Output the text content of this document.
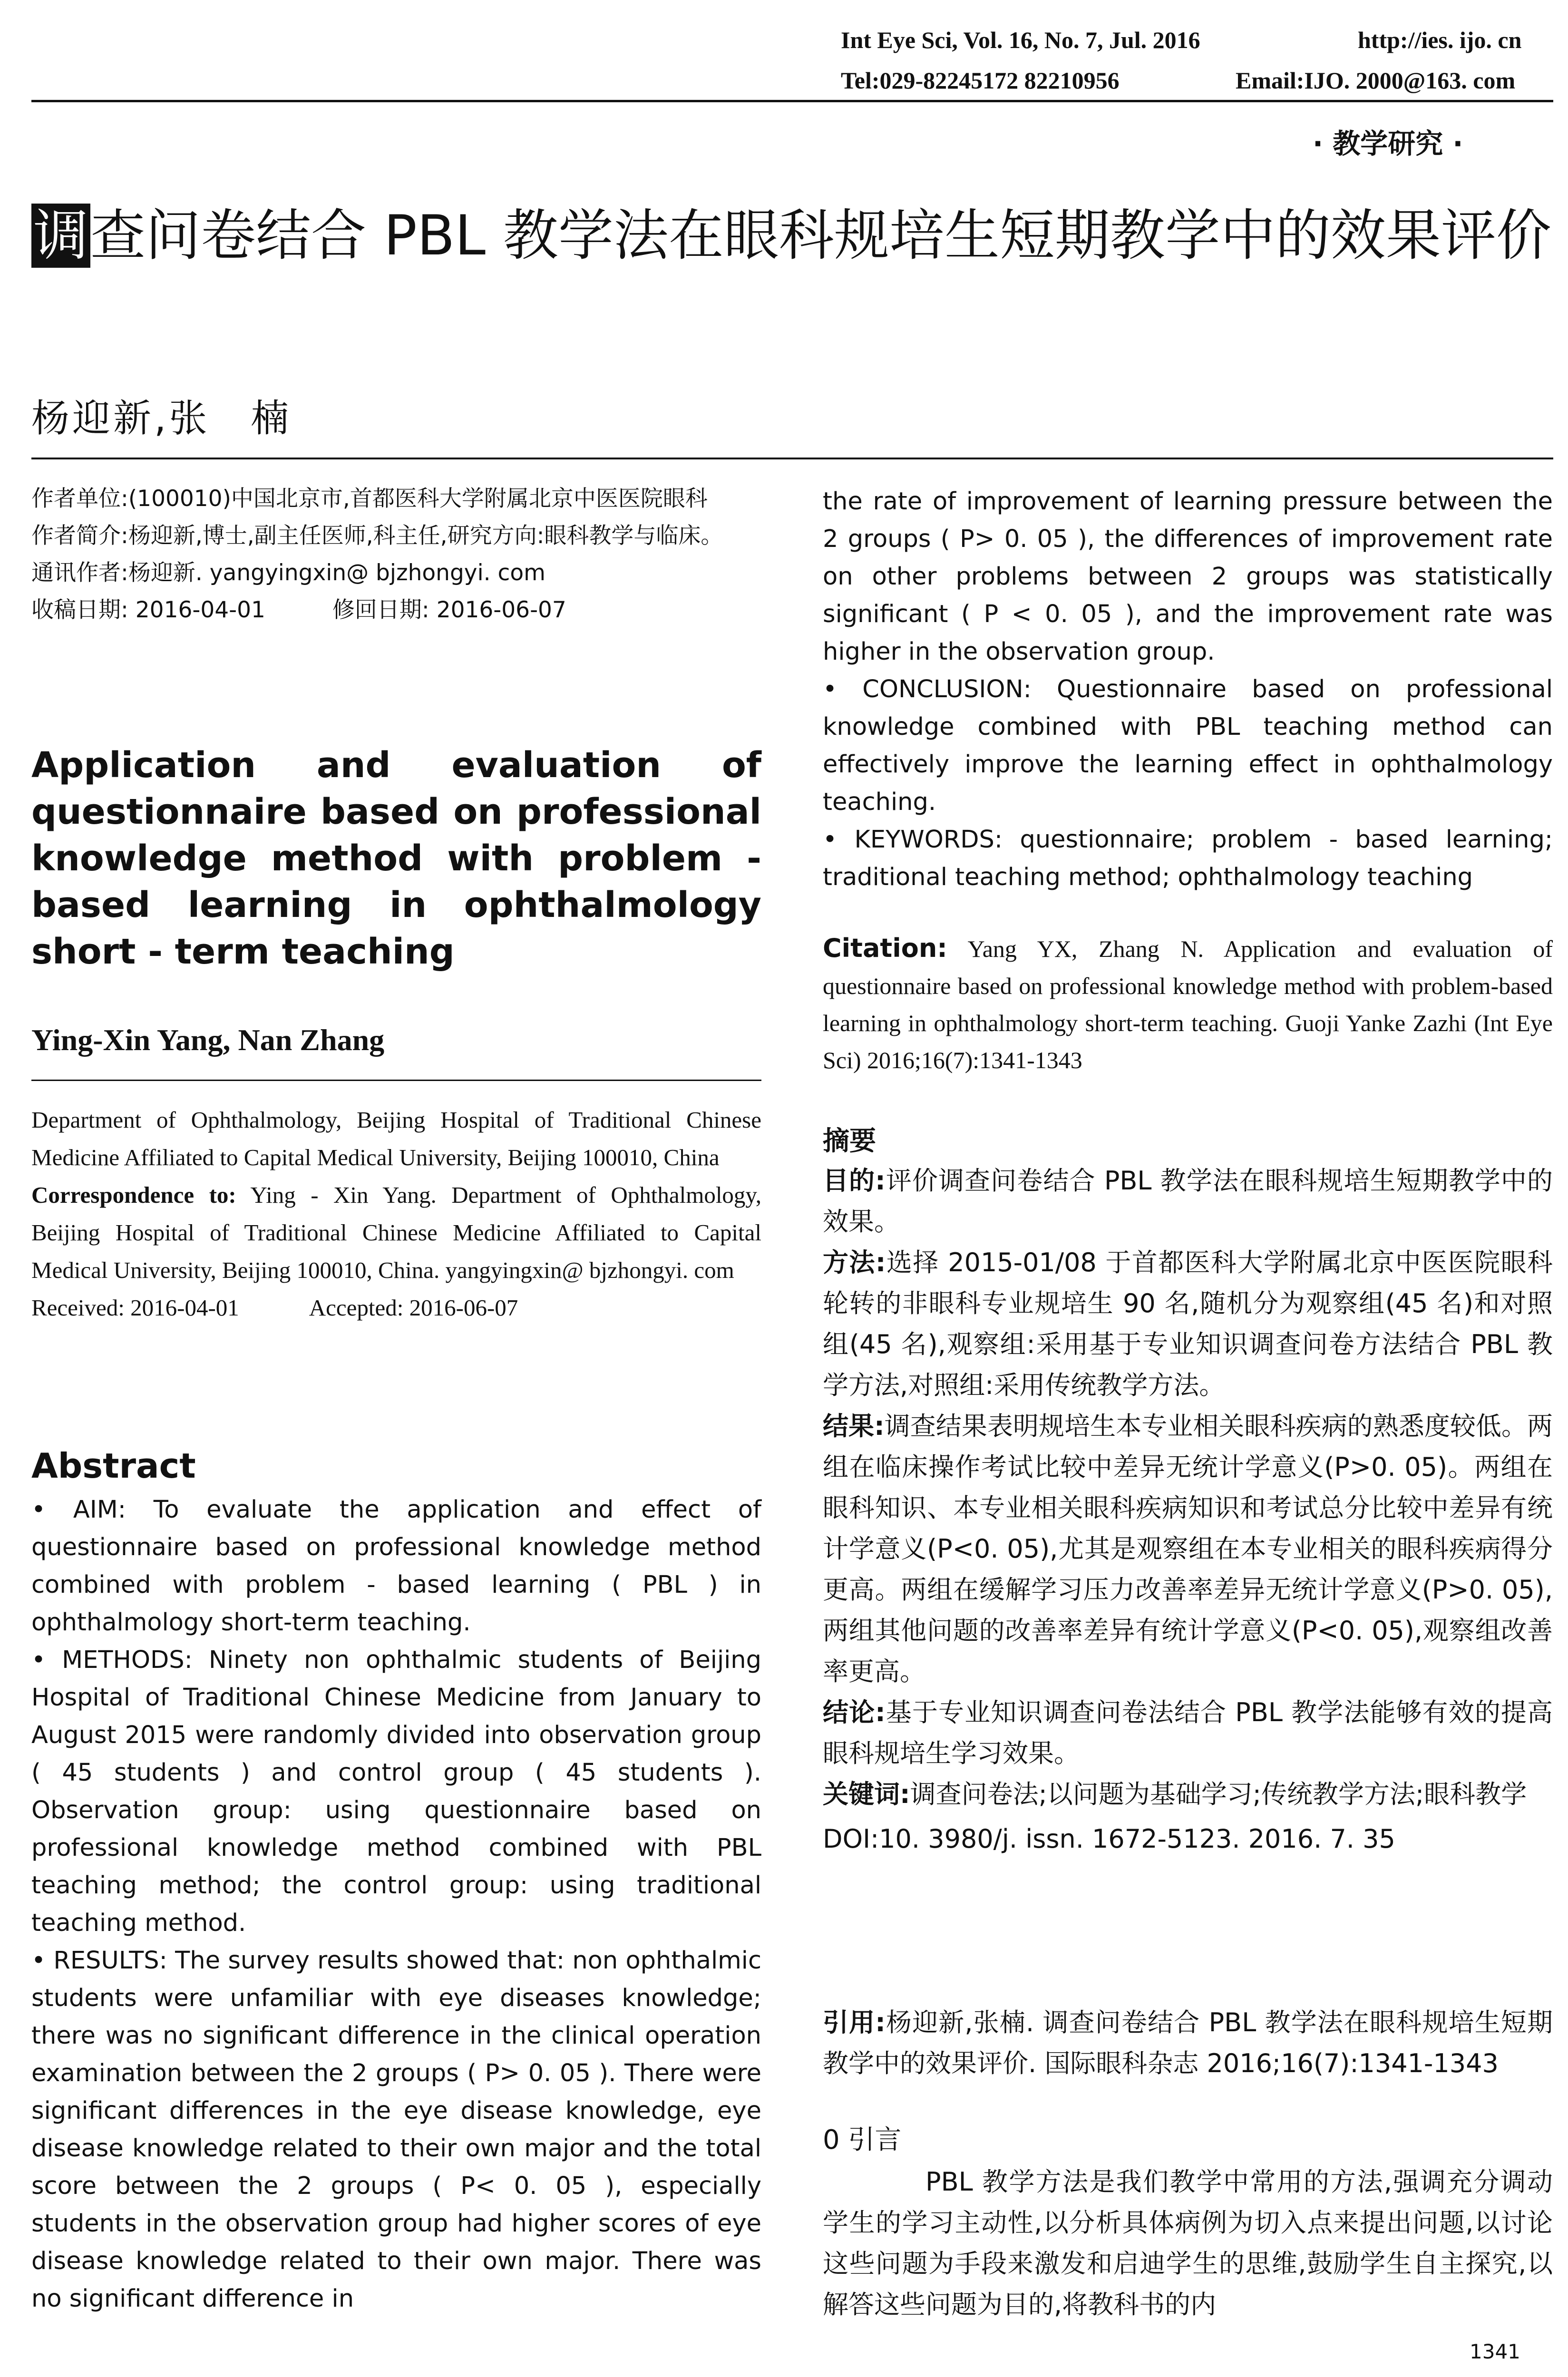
Int Eye Sci, Vol. 16, No. 7, Jul. 2016	http://ies. ijo. cn
Tel:029-82245172 82210956	Email:IJO. 2000@163. com
· 教学研究 ·
调查问卷结合 PBL 教学法在眼科规培生短期教学中的效果评价
杨迎新,张　楠
作者单位:(100010)中国北京市,首都医科大学附属北京中医医院眼科
作者简介:杨迎新,博士,副主任医师,科主任,研究方向:眼科教学与临床。
通讯作者:杨迎新. yangyingxin@ bjzhongyi. com
收稿日期: 2016-04-01　　　修回日期: 2016-06-07
Application and evaluation of questionnaire based on professional knowledge method with problem - based learning in ophthalmology short - term teaching
Ying-Xin Yang, Nan Zhang
Department of Ophthalmology, Beijing Hospital of Traditional Chinese Medicine Affiliated to Capital Medical University, Beijing 100010, China
Correspondence to: Ying - Xin Yang. Department of Ophthalmology, Beijing Hospital of Traditional Chinese Medicine Affiliated to Capital Medical University, Beijing 100010, China. yangyingxin@ bjzhongyi. com
Received: 2016-04-01　　　Accepted: 2016-06-07
Abstract

• AIM: To evaluate the application and effect of questionnaire based on professional knowledge method combined with problem - based learning ( PBL ) in ophthalmology short-term teaching.

• METHODS: Ninety non ophthalmic students of Beijing Hospital of Traditional Chinese Medicine from January to August 2015 were randomly divided into observation group ( 45 students ) and control group ( 45 students ). Observation group: using questionnaire based on professional knowledge method combined with PBL teaching method; the control group: using traditional teaching method.

• RESULTS: The survey results showed that: non ophthalmic students were unfamiliar with eye diseases knowledge; there was no significant difference in the clinical operation examination between the 2 groups ( P> 0. 05 ). There were significant differences in the eye disease knowledge, eye disease knowledge related to their own major and the total score between the 2 groups ( P< 0. 05 ), especially students in the observation group had higher scores of eye disease knowledge related to their own major. There was no significant difference in

the rate of improvement of learning pressure between the 2 groups ( P> 0. 05 ), the differences of improvement rate on other problems between 2 groups was statistically significant ( P < 0. 05 ), and the improvement rate was higher in the observation group.

• CONCLUSION: Questionnaire based on professional knowledge combined with PBL teaching method can effectively improve the learning effect in ophthalmology teaching.

• KEYWORDS: questionnaire; problem - based learning; traditional teaching method; ophthalmology teaching

Citation: Yang YX, Zhang N. Application and evaluation of questionnaire based on professional knowledge method with problem-based learning in ophthalmology short-term teaching. Guoji Yanke Zazhi (Int Eye Sci) 2016;16(7):1341-1343
摘要

目的:评价调查问卷结合 PBL 教学法在眼科规培生短期教学中的效果。

方法:选择 2015-01/08 于首都医科大学附属北京中医医院眼科轮转的非眼科专业规培生 90 名,随机分为观察组(45 名)和对照组(45 名),观察组:采用基于专业知识调查问卷方法结合 PBL 教学方法,对照组:采用传统教学方法。

结果:调查结果表明规培生本专业相关眼科疾病的熟悉度较低。两组在临床操作考试比较中差异无统计学意义(P>0. 05)。两组在眼科知识、本专业相关眼科疾病知识和考试总分比较中差异有统计学意义(P<0. 05),尤其是观察组在本专业相关的眼科疾病得分更高。两组在缓解学习压力改善率差异无统计学意义(P>0. 05),两组其他问题的改善率差异有统计学意义(P<0. 05),观察组改善率更高。

结论:基于专业知识调查问卷法结合 PBL 教学法能够有效的提高眼科规培生学习效果。

关键词:调查问卷法;以问题为基础学习;传统教学方法;眼科教学

DOI:10. 3980/j. issn. 1672-5123. 2016. 7. 35

引用:杨迎新,张楠. 调查问卷结合 PBL 教学法在眼科规培生短期教学中的效果评价. 国际眼科杂志 2016;16(7):1341-1343
0 引言
PBL 教学方法是我们教学中常用的方法,强调充分调动学生的学习主动性,以分析具体病例为切入点来提出问题,以讨论这些问题为手段来激发和启迪学生的思维,鼓励学生自主探究,以解答这些问题为目的,将教科书的内
1341
